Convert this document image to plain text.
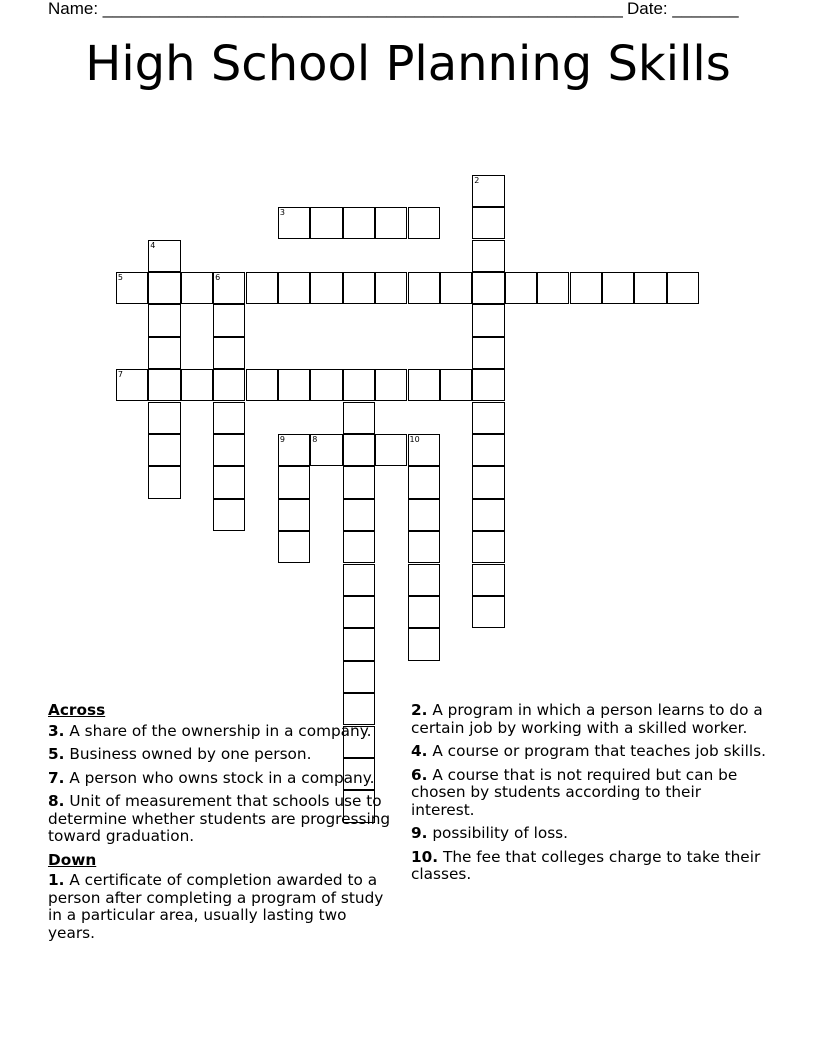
Name: _______________________________________________________ Date: _______
High School Planning Skills
2
3
4
5	6
7
8
9	10
Across
3. A share of the ownership in a company.
5. Business owned by one person.
7. A person who owns stock in a company.
8. Unit of measurement that schools use to determine whether students are progressing toward graduation.
Down
1. A certificate of completion awarded to a person after completing a program of study in a particular area, usually lasting two years.
2. A program in which a person learns to do a certain job by working with a skilled worker.
4. A course or program that teaches job skills.
6. A course that is not required but can be chosen by students according to their interest.
9. possibility of loss.
10. The fee that colleges charge to take their classes.
